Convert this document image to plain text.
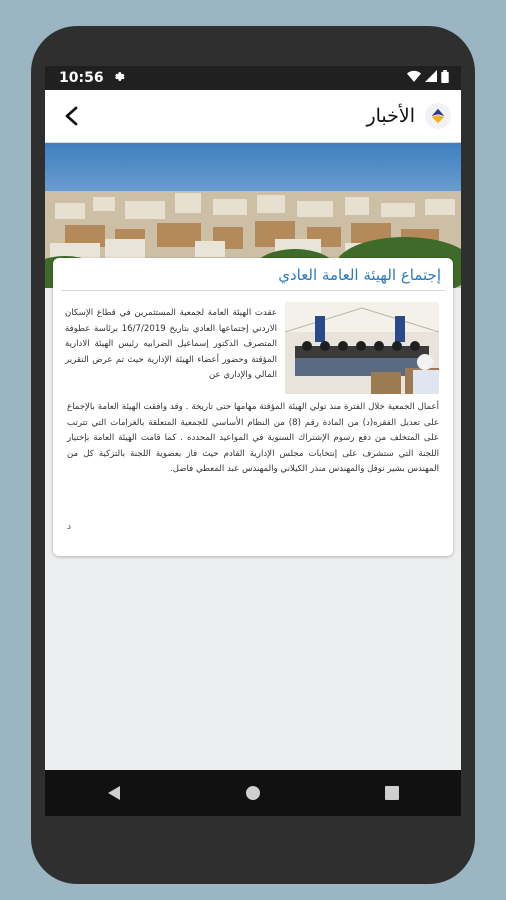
10:56
الأخبار
إجتماع الهيئة العامة العادي
عقدت الهيئة العامة لجمعية المستثمرين في قطاع الإسكان الاردني إجتماعها العادي بتاريخ 16/7/2019 برئاسة عطوفة المتصرف الدكتور إسماعيل الضرابيه رئيس الهيئة الادارية المؤقتة وحضور أعضاء الهيئة الإدارية حيث تم عرض التقرير المالي والإداري عن
أعمال الجمعية خلال الفترة منذ تولي الهيئة المؤقتة مهامها حتى تاريخة . وقد وافقت الهيئة العامة بالإجماع على تعديل الفقره(د) من المادة رقم (8) من النظام الأساسي للجمعية المتعلقة بالغرامات التي تترتب على المتخلف من دفع رسوم الإشتراك السنوية في المواعيد المحدده . كما قامت الهيئة العامة بإختيار اللجنة التي ستشرف على إنتخابات مجلس الإدارية القادم حيث فاز بعضوية اللجنة بالتزكية كل من المهندس بشير نوفل والمهندس منذر الكيلاني والمهندس عبد المعطي فاضل.
د
